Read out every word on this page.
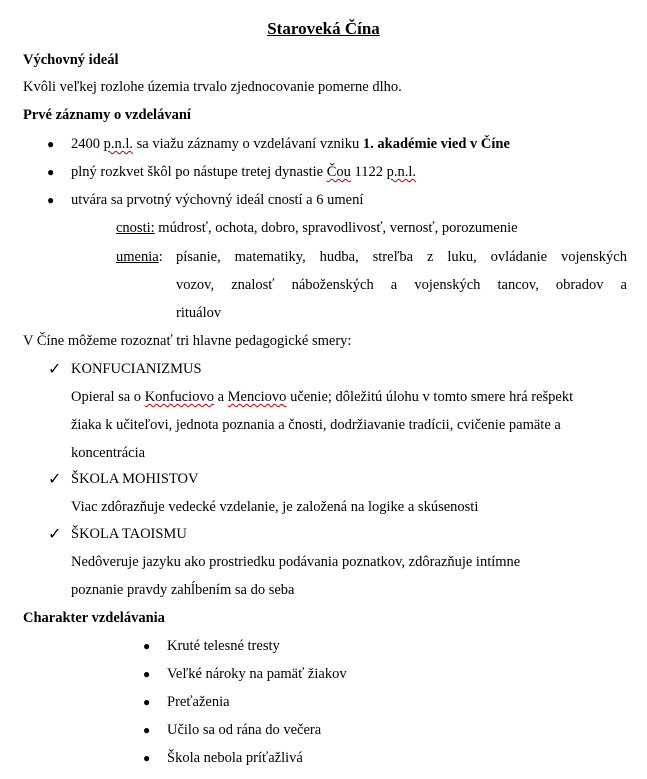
Staroveká Čína
Výchovný ideál
Kvôli veľkej rozlohe územia trvalo zjednocovanie pomerne dlho.
Prvé záznamy o vzdelávaní
● 2400 p.n.l. sa viažu záznamy o vzdelávaní vzniku 1. akadémie vied v Číne
● plný rozkvet škôl po nástupe tretej dynastie Čou 1122 p.n.l.
● utvára sa prvotný výchovný ideál cností a 6 umení
cnosti: múdrosť, ochota, dobro, spravodlivosť, vernosť, porozumenie
umenia: písanie, matematiky, hudba, streľba z luku, ovládanie vojenských
vozov, znalosť náboženských a vojenských tancov, obradov a
rituálov
V Číne môžeme rozoznať tri hlavne pedagogické smery:
✓ KONFUCIANIZMUS
Opieral sa o Konfuciovo a Menciovo učenie; dôležitú úlohu v tomto smere hrá rešpekt
žiaka k učiteľovi, jednota poznania a čnosti, dodržiavanie tradícii, cvičenie pamäte a
koncentrácia
✓ ŠKOLA MOHISTOV
Viac zdôrazňuje vedecké vzdelanie, je založená na logike a skúsenosti
✓ ŠKOLA TAOISMU
Nedôveruje jazyku ako prostriedku podávania poznatkov, zdôrazňuje intímne
poznanie pravdy zahĺbením sa do seba
Charakter vzdelávania
● Kruté telesné tresty
● Veľké nároky na pamäť žiakov
● Preťaženia
● Učilo sa od rána do večera
● Škola nebola príťažlivá
